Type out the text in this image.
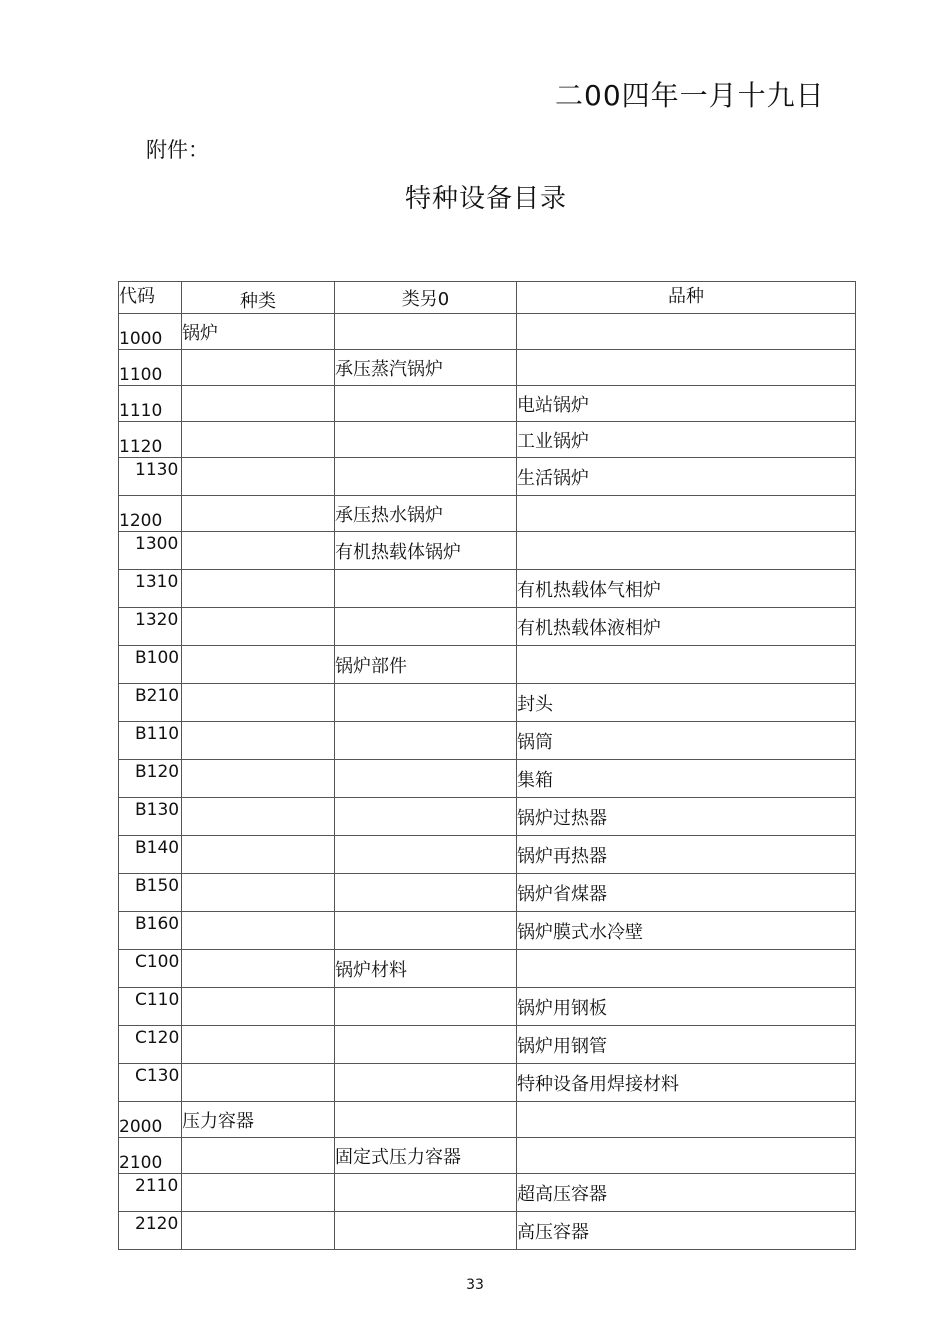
二00四年一月十九日
附件：
特种设备目录
代码	种类	类另0	品种
1000	锅炉		
1100		承压蒸汽锅炉	
1110			电站锅炉
1120			工业锅炉
1130			生活锅炉
1200		承压热水锅炉	
1300		有机热载体锅炉	
1310			有机热载体气相炉
1320			有机热载体液相炉
B100		锅炉部件	
B210			封头
B110			锅筒
B120			集箱
B130			锅炉过热器
B140			锅炉再热器
B150			锅炉省煤器
B160			锅炉膜式水冷壁
C100		锅炉材料	
C110			锅炉用钢板
C120			锅炉用钢管
C130			特种设备用焊接材料
2000	压力容器		
2100		固定式压力容器	
2110			超高压容器
2120			高压容器
33
